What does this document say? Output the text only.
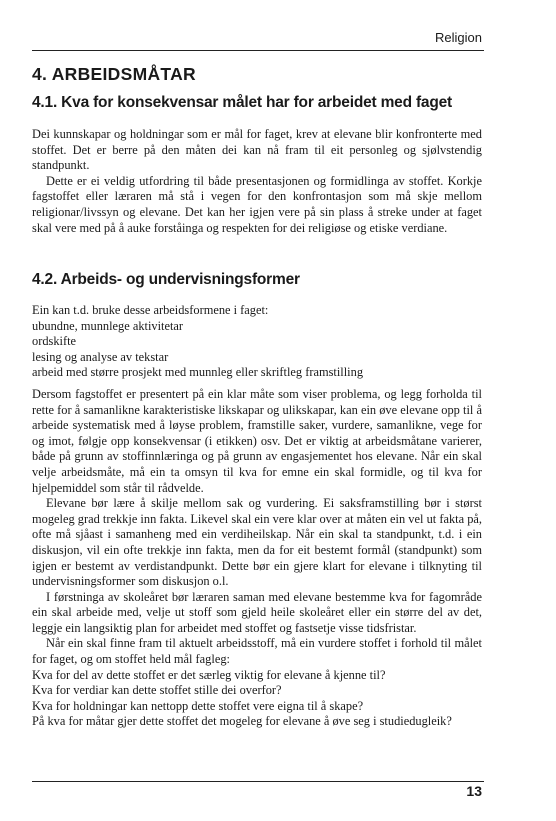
Religion
4. ARBEIDSMÅTAR
4.1. Kva for konsekvensar målet har for arbeidet med faget

Dei kunnskapar og holdningar som er mål for faget, krev at elevane blir konfronterte med stoffet. Det er berre på den måten dei kan nå fram til eit personleg og sjølvstendig standpunkt.

Dette er ei veldig utfordring til både presentasjonen og formidlinga av stoffet. Korkje fagstoffet eller læraren må stå i vegen for den konfrontasjon som må skje mellom religionar/livssyn og elevane. Det kan her igjen vere på sin plass å streke under at faget skal vere med på å auke forståinga og respekten for dei religiøse og etiske verdiane.

4.2. Arbeids- og undervisningsformer

Ein kan t.d. bruke desse arbeidsformene i faget:

ubundne, munnlege aktivitetar

ordskifte

lesing og analyse av tekstar

arbeid med større prosjekt med munnleg eller skriftleg framstilling

Dersom fagstoffet er presentert på ein klar måte som viser problema, og legg forholda til rette for å samanlikne karakteristiske likskapar og ulikskapar, kan ein øve elevane opp til å arbeide systematisk med å løyse problem, framstille saker, vurdere, samanlikne, vege for og imot, følgje opp konsekvensar (i etikken) osv. Det er viktig at arbeidsmåtane varierer, både på grunn av stoffinnlæringa og på grunn av engasjementet hos elevane. Når ein skal velje arbeidsmåte, må ein ta omsyn til kva for emne ein skal formidle, og til kva for hjelpemiddel som står til rådvelde.

Elevane bør lære å skilje mellom sak og vurdering. Ei saksframstilling bør i størst mogeleg grad trekkje inn fakta. Likevel skal ein vere klar over at måten ein vel ut fakta på, ofte må sjåast i samanheng med ein verdiheilskap. Når ein skal ta standpunkt, t.d. i ein diskusjon, vil ein ofte trekkje inn fakta, men da for eit bestemt formål (standpunkt) som igjen er bestemt av verdistandpunkt. Dette bør ein gjere klart for elevane i tilknyting til undervisningsformer som diskusjon o.l.

I førstninga av skoleåret bør læraren saman med elevane bestemme kva for fagområde ein skal arbeide med, velje ut stoff som gjeld heile skoleåret eller ein større del av det, leggje ein langsiktig plan for arbeidet med stoffet og fastsetje visse tidsfristar.

Når ein skal finne fram til aktuelt arbeidsstoff, må ein vurdere stoffet i forhold til målet for faget, og om stoffet held mål fagleg:

Kva for del av dette stoffet er det særleg viktig for elevane å kjenne til?

Kva for verdiar kan dette stoffet stille dei overfor?

Kva for holdningar kan nettopp dette stoffet vere eigna til å skape?

På kva for måtar gjer dette stoffet det mogeleg for elevane å øve seg i studiedugleik?

13
